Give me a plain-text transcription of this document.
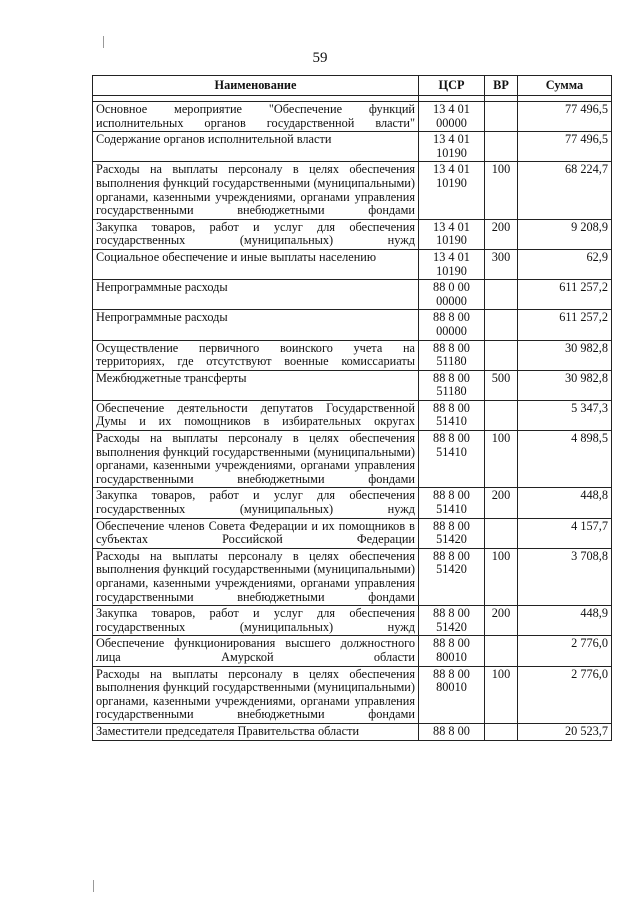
59
Наименование	ЦСР	ВР	Сумма

Основное мероприятие "Обеспечение функций исполнительных органов государственной власти"	13 4 01 00000		77 496,5
Содержание органов исполнительной власти	13 4 01 10190		77 496,5
Расходы на выплаты персоналу в целях обеспечения выполнения функций государственными (муниципальными) органами, казенными учреждениями, органами управления государственными внебюджетными фондами	13 4 01 10190	100	68 224,7
Закупка товаров, работ и услуг для обеспечения государственных (муниципальных) нужд	13 4 01 10190	200	9 208,9
Социальное обеспечение и иные выплаты населению	13 4 01 10190	300	62,9
Непрограммные расходы	88 0 00 00000		611 257,2
Непрограммные расходы	88 8 00 00000		611 257,2
Осуществление первичного воинского учета на территориях, где отсутствуют военные комиссариаты	88 8 00 51180		30 982,8
Межбюджетные трансферты	88 8 00 51180	500	30 982,8
Обеспечение деятельности депутатов Государственной Думы и их помощников в избирательных округах	88 8 00 51410		5 347,3
Расходы на выплаты персоналу в целях обеспечения выполнения функций государственными (муниципальными) органами, казенными учреждениями, органами управления государственными внебюджетными фондами	88 8 00 51410	100	4 898,5
Закупка товаров, работ и услуг для обеспечения государственных (муниципальных) нужд	88 8 00 51410	200	448,8
Обеспечение членов Совета Федерации и их помощников в субъектах Российской Федерации	88 8 00 51420		4 157,7
Расходы на выплаты персоналу в целях обеспечения выполнения функций государственными (муниципальными) органами, казенными учреждениями, органами управления государственными внебюджетными фондами	88 8 00 51420	100	3 708,8
Закупка товаров, работ и услуг для обеспечения государственных (муниципальных) нужд	88 8 00 51420	200	448,9
Обеспечение функционирования высшего должностного лица Амурской области	88 8 00 80010		2 776,0
Расходы на выплаты персоналу в целях обеспечения выполнения функций государственными (муниципальными) органами, казенными учреждениями, органами управления государственными внебюджетными фондами	88 8 00 80010	100	2 776,0
Заместители председателя Правительства области	88 8 00		20 523,7
